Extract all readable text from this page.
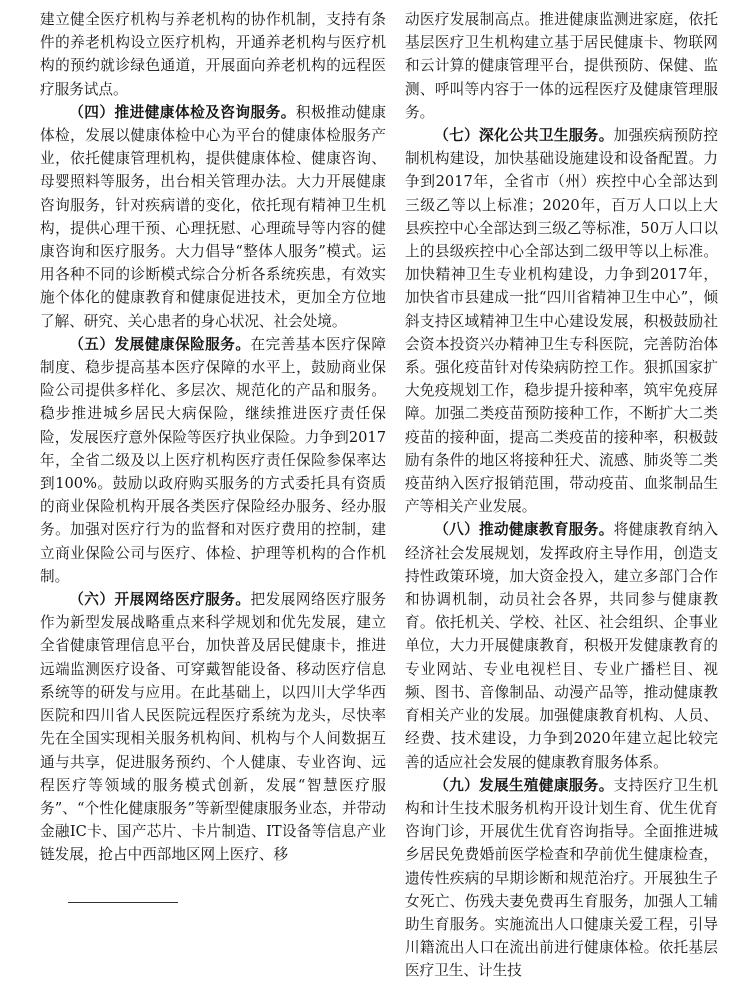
建立健全医疗机构与养老机构的协作机制，支持有条件的养老机构设立医疗机构，开通养老机构与医疗机构的预约就诊绿色通道，开展面向养老机构的远程医疗服务试点。

（四）推进健康体检及咨询服务。积极推动健康体检，发展以健康体检中心为平台的健康体检服务产业，依托健康管理机构，提供健康体检、健康咨询、母婴照料等服务，出台相关管理办法。大力开展健康咨询服务，针对疾病谱的变化，依托现有精神卫生机构，提供心理干预、心理抚慰、心理疏导等内容的健康咨询和医疗服务。大力倡导“整体人服务”模式。运用各种不同的诊断模式综合分析各系统疾患，有效实施个体化的健康教育和健康促进技术，更加全方位地了解、研究、关心患者的身心状况、社会处境。

（五）发展健康保险服务。在完善基本医疗保障制度、稳步提高基本医疗保障的水平上，鼓励商业保险公司提供多样化、多层次、规范化的产品和服务。稳步推进城乡居民大病保险，继续推进医疗责任保险，发展医疗意外保险等医疗执业保险。力争到2017年，全省二级及以上医疗机构医疗责任保险参保率达到100%。鼓励以政府购买服务的方式委托具有资质的商业保险机构开展各类医疗保险经办服务、经办服务。加强对医疗行为的监督和对医疗费用的控制，建立商业保险公司与医疗、体检、护理等机构的合作机制。

（六）开展网络医疗服务。把发展网络医疗服务作为新型发展战略重点来科学规划和优先发展，建立全省健康管理信息平台，加快普及居民健康卡，推进远端监测医疗设备、可穿戴智能设备、移动医疗信息系统等的研发与应用。在此基础上，以四川大学华西医院和四川省人民医院远程医疗系统为龙头，尽快率先在全国实现相关服务机构间、机构与个人间数据互通与共享，促进服务预约、个人健康、专业咨询、远程医疗等领域的服务模式创新，发展“智慧医疗服务”、“个性化健康服务”等新型健康服务业态，并带动金融IC卡、国产芯片、卡片制造、IT设备等信息产业链发展，抢占中西部地区网上医疗、移

动医疗发展制高点。推进健康监测进家庭，依托基层医疗卫生机构建立基于居民健康卡、物联网和云计算的健康管理平台，提供预防、保健、监测、呼叫等内容于一体的远程医疗及健康管理服务。

（七）深化公共卫生服务。加强疾病预防控制机构建设，加快基础设施建设和设备配置。力争到2017年，全省市（州）疾控中心全部达到三级乙等以上标准；2020年，百万人口以上大县疾控中心全部达到三级乙等标准，50万人口以上的县级疾控中心全部达到二级甲等以上标准。加快精神卫生专业机构建设，力争到2017年，加快省市县建成一批“四川省精神卫生中心”，倾斜支持区域精神卫生中心建设发展，积极鼓励社会资本投资兴办精神卫生专科医院，完善防治体系。强化疫苗针对传染病防控工作。狠抓国家扩大免疫规划工作，稳步提升接种率，筑牢免疫屏障。加强二类疫苗预防接种工作，不断扩大二类疫苗的接种面，提高二类疫苗的接种率，积极鼓励有条件的地区将接种狂犬、流感、肺炎等二类疫苗纳入医疗报销范围，带动疫苗、血浆制品生产等相关产业发展。

（八）推动健康教育服务。将健康教育纳入经济社会发展规划，发挥政府主导作用，创造支持性政策环境，加大资金投入，建立多部门合作和协调机制，动员社会各界，共同参与健康教育。依托机关、学校、社区、社会组织、企事业单位，大力开展健康教育，积极开发健康教育的专业网站、专业电视栏目、专业广播栏目、视频、图书、音像制品、动漫产品等，推动健康教育相关产业的发展。加强健康教育机构、人员、经费、技术建设，力争到2020年建立起比较完善的适应社会发展的健康教育服务体系。

（九）发展生殖健康服务。支持医疗卫生机构和计生技术服务机构开设计划生育、优生优育咨询门诊，开展优生优育咨询指导。全面推进城乡居民免费婚前医学检查和孕前优生健康检查，遗传性疾病的早期诊断和规范治疗。开展独生子女死亡、伤残夫妻免费再生育服务，加强人工辅助生育服务。实施流出人口健康关爱工程，引导川籍流出人口在流出前进行健康体检。依托基层医疗卫生、计生技
